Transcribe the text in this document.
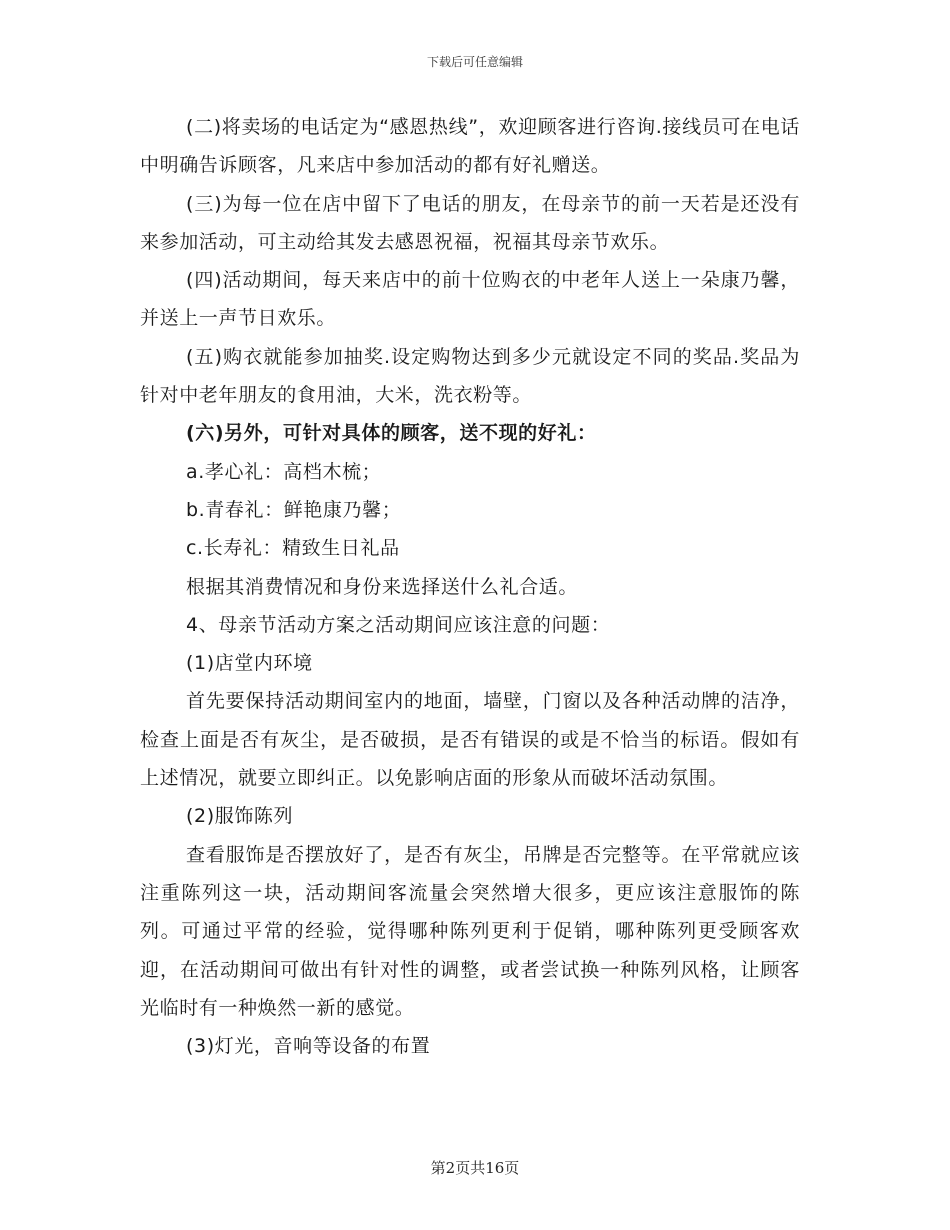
下载后可任意编辑

(二)将卖场的电话定为“感恩热线”，欢迎顾客进行咨询.接线员可在电话中明确告诉顾客，凡来店中参加活动的都有好礼赠送。

(三)为每一位在店中留下了电话的朋友，在母亲节的前一天若是还没有来参加活动，可主动给其发去感恩祝福，祝福其母亲节欢乐。

(四)活动期间，每天来店中的前十位购衣的中老年人送上一朵康乃馨，并送上一声节日欢乐。

(五)购衣就能参加抽奖.设定购物达到多少元就设定不同的奖品.奖品为针对中老年朋友的食用油，大米，洗衣粉等。

(六)另外，可针对具体的顾客，送不现的好礼：

a.孝心礼：高档木梳；

b.青春礼：鲜艳康乃馨；

c.长寿礼：精致生日礼品

根据其消费情况和身份来选择送什么礼合适。

4、母亲节活动方案之活动期间应该注意的问题：

(1)店堂内环境

首先要保持活动期间室内的地面，墙壁，门窗以及各种活动牌的洁净，检查上面是否有灰尘，是否破损，是否有错误的或是不恰当的标语。假如有上述情况，就要立即纠正。以免影响店面的形象从而破坏活动氛围。

(2)服饰陈列

查看服饰是否摆放好了，是否有灰尘，吊牌是否完整等。在平常就应该注重陈列这一块，活动期间客流量会突然增大很多，更应该注意服饰的陈列。可通过平常的经验，觉得哪种陈列更利于促销，哪种陈列更受顾客欢迎，在活动期间可做出有针对性的调整，或者尝试换一种陈列风格，让顾客光临时有一种焕然一新的感觉。

(3)灯光，音响等设备的布置

第2页共16页
